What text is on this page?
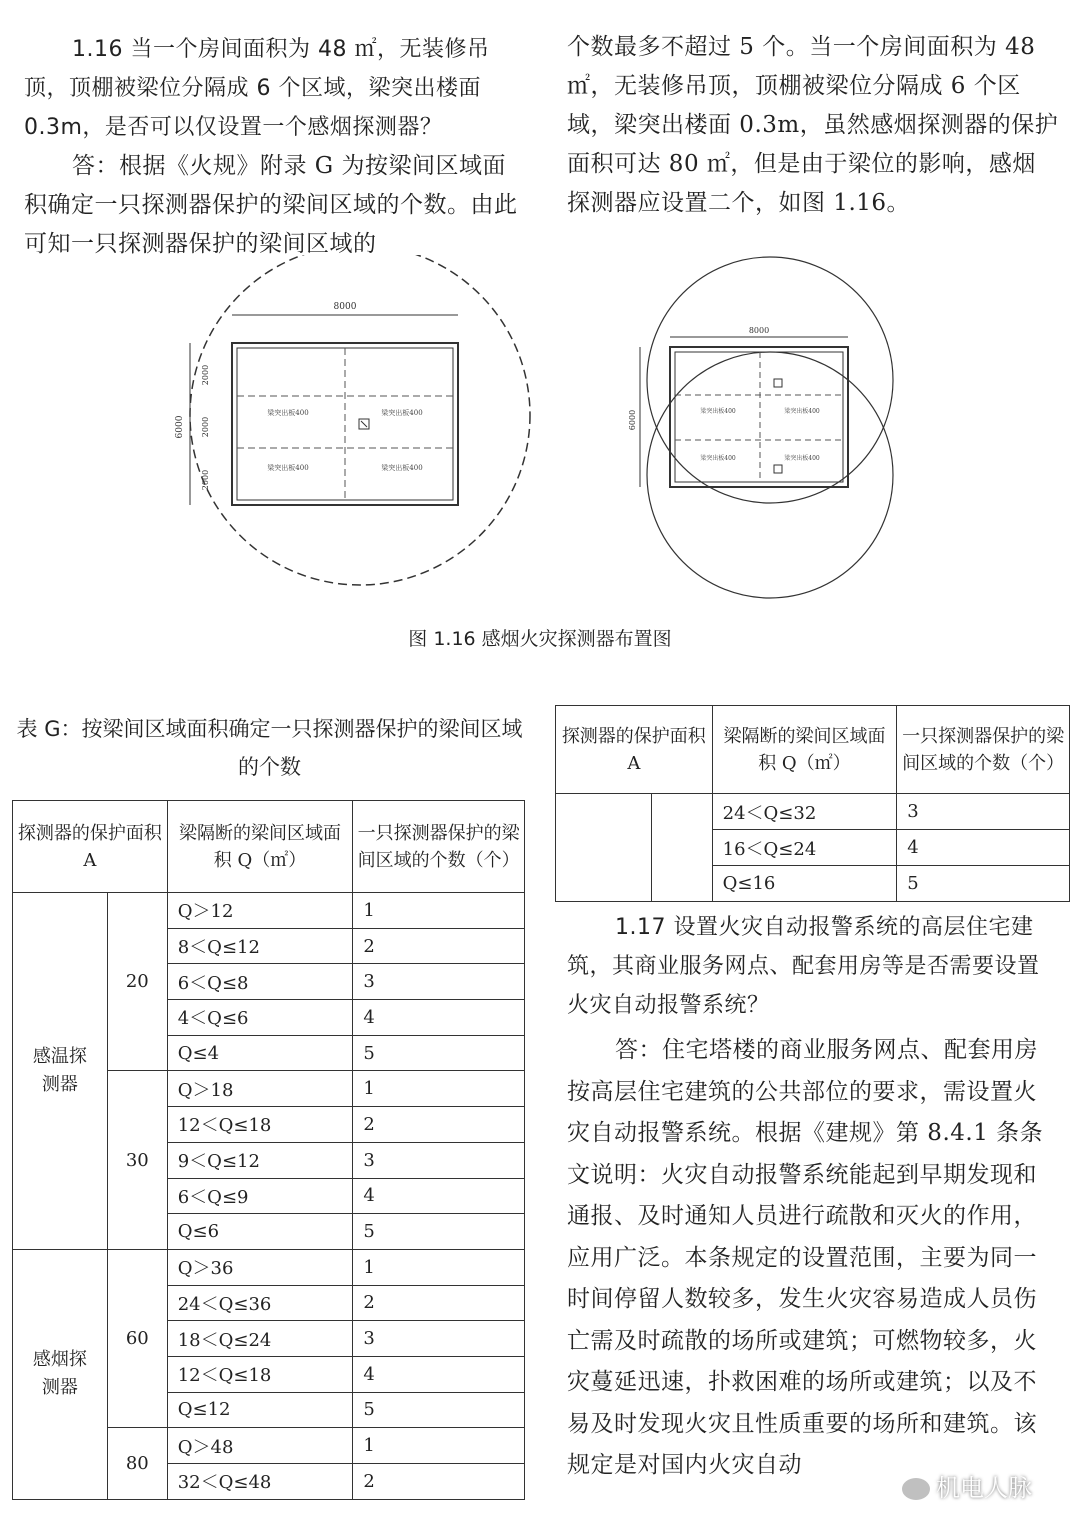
1.16 当一个房间面积为 48 ㎡，无装修吊顶，顶棚被梁位分隔成 6 个区域，梁突出楼面 0.3m，是否可以仅设置一个感烟探测器？

答：根据《火规》附录 G 为按梁间区域面积确定一只探测器保护的梁间区域的个数。由此可知一只探测器保护的梁间区域的

个数最多不超过 5 个。当一个房间面积为 48 ㎡，无装修吊顶，顶棚被梁位分隔成 6 个区域，梁突出楼面 0.3m，虽然感烟探测器的保护面积可达 80 ㎡，但是由于梁位的影响，感烟探测器应设置二个，如图 1.16。

8000
6000
2000
2000
2000
梁突出板400	梁突出板400
梁突出板400	梁突出板400
8000
6000	梁突出板400	梁突出板400
梁突出板400	梁突出板400
图 1.16 感烟火灾探测器布置图
表 G：按梁间区域面积确定一只探测器保护的梁间区域的个数
探测器的保护面积 A		梁隔断的梁间区域面积 Q（㎡）	一只探测器保护的梁间区域的个数（个）
感温探测器	20	Q＞12	1
		8＜Q≤12	2
		6＜Q≤8	3
		4＜Q≤6	4
		Q≤4	5
	30	Q＞18	1
		12＜Q≤18	2
		9＜Q≤12	3
		6＜Q≤9	4
		Q≤6	5
感烟探测器	60	Q＞36	1
		24＜Q≤36	2
		18＜Q≤24	3
		12＜Q≤18	4
		Q≤12	5
	80	Q＞48	1
		32＜Q≤48	2
探测器的保护面积 A		梁隔断的梁间区域面积 Q（㎡）	一只探测器保护的梁间区域的个数（个）
		24＜Q≤32	3
		16＜Q≤24	4
		Q≤16	5

1.17 设置火灾自动报警系统的高层住宅建筑，其商业服务网点、配套用房等是否需要设置火灾自动报警系统？

答：住宅塔楼的商业服务网点、配套用房按高层住宅建筑的公共部位的要求，需设置火灾自动报警系统。根据《建规》第 8.4.1 条条文说明：火灾自动报警系统能起到早期发现和通报、及时通知人员进行疏散和灭火的作用，应用广泛。本条规定的设置范围，主要为同一时间停留人数较多，发生火灾容易造成人员伤亡需及时疏散的场所或建筑；可燃物较多，火灾蔓延迅速，扑救困难的场所或建筑；以及不易及时发现火灾且性质重要的场所和建筑。该规定是对国内火灾自动

机电人脉
